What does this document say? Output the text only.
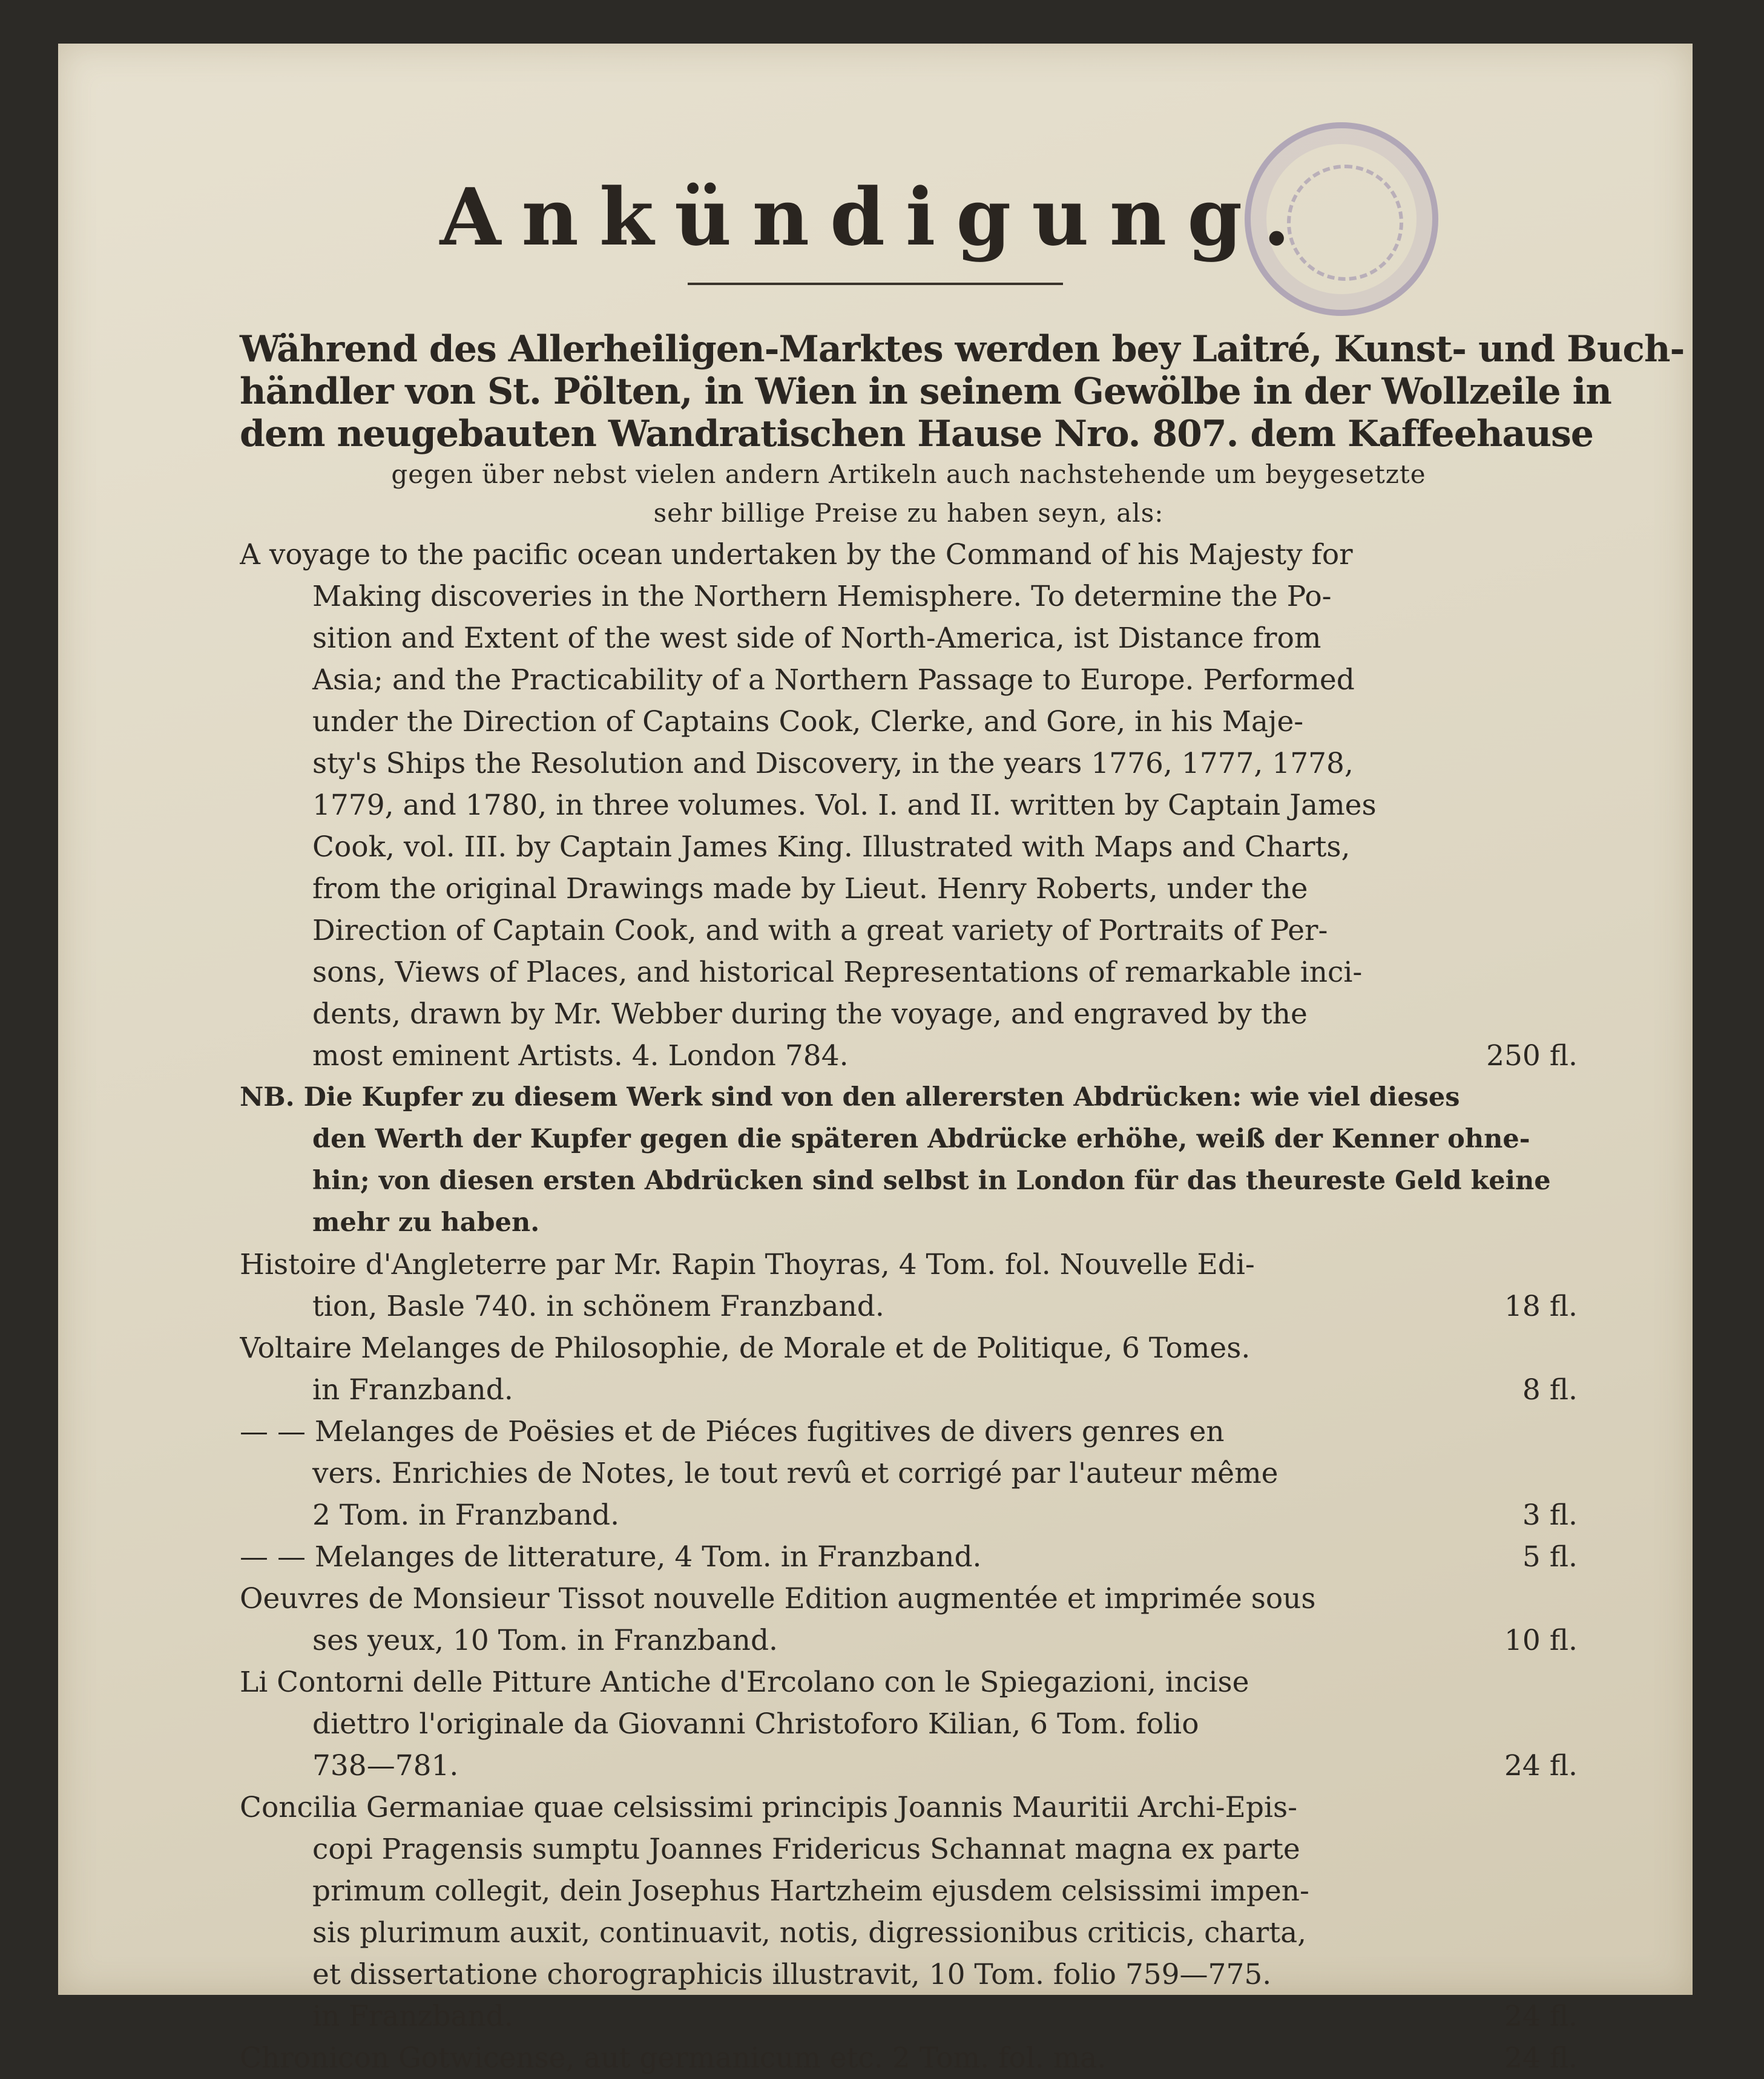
Ankündigung.
Während des Allerheiligen-Marktes werden bey Laitré, Kunst- und Buch-
händler von St. Pölten, in Wien in seinem Gewölbe in der Wollzeile in
dem neugebauten Wandratischen Hause Nro. 807. dem Kaffeehause
gegen über nebst vielen andern Artikeln auch nachstehende um beygesetzte
sehr billige Preise zu haben seyn, als:
A voyage to the pacific ocean undertaken by the Command of his Majesty for
Making discoveries in the Northern Hemisphere. To determine the Po-
sition and Extent of the west side of North-America, ist Distance from
Asia; and the Practicability of a Northern Passage to Europe. Performed
under the Direction of Captains Cook, Clerke, and Gore, in his Maje-
sty's Ships the Resolution and Discovery, in the years 1776, 1777, 1778,
1779, and 1780, in three volumes. Vol. I. and II. written by Captain James
Cook, vol. III. by Captain James King. Illustrated with Maps and Charts,
from the original Drawings made by Lieut. Henry Roberts, under the
Direction of Captain Cook, and with a great variety of Portraits of Per-
sons, Views of Places, and historical Representations of remarkable inci-
dents, drawn by Mr. Webber during the voyage, and engraved by the
250 fl.
most eminent Artists. 4. London 784.
NB. Die Kupfer zu diesem Werk sind von den allerersten Abdrücken: wie viel dieses
den Werth der Kupfer gegen die späteren Abdrücke erhöhe, weiß der Kenner ohne-
hin; von diesen ersten Abdrücken sind selbst in London für das theureste Geld keine
mehr zu haben.
Histoire d'Angleterre par Mr. Rapin Thoyras, 4 Tom. fol. Nouvelle Edi-
18 fl.
tion, Basle 740. in schönem Franzband.
Voltaire Melanges de Philosophie, de Morale et de Politique, 6 Tomes.
8 fl.
in Franzband.
— — Melanges de Poësies et de Piéces fugitives de divers genres en
vers. Enrichies de Notes, le tout revû et corrigé par l'auteur même
3 fl.
2 Tom. in Franzband.
5 fl.
— — Melanges de litterature, 4 Tom. in Franzband.
Oeuvres de Monsieur Tissot nouvelle Edition augmentée et imprimée sous
10 fl.
ses yeux, 10 Tom. in Franzband.
Li Contorni delle Pitture Antiche d'Ercolano con le Spiegazioni, incise
diettro l'originale da Giovanni Christoforo Kilian, 6 Tom. folio
24 fl.
738—781.
Concilia Germaniae quae celsissimi principis Joannis Mauritii Archi-Epis-
copi Pragensis sumptu Joannes Fridericus Schannat magna ex parte
primum collegit, dein Josephus Hartzheim ejusdem celsissimi impen-
sis plurimum auxit, continuavit, notis, digressionibus criticis, charta,
et dissertatione chorographicis illustravit, 10 Tom. folio 759—775.
24 fl.
in Franzband.
24 fl.
Chronicon Gotwicense, aut germanicum etc. 2 Tom. fol. ma.
